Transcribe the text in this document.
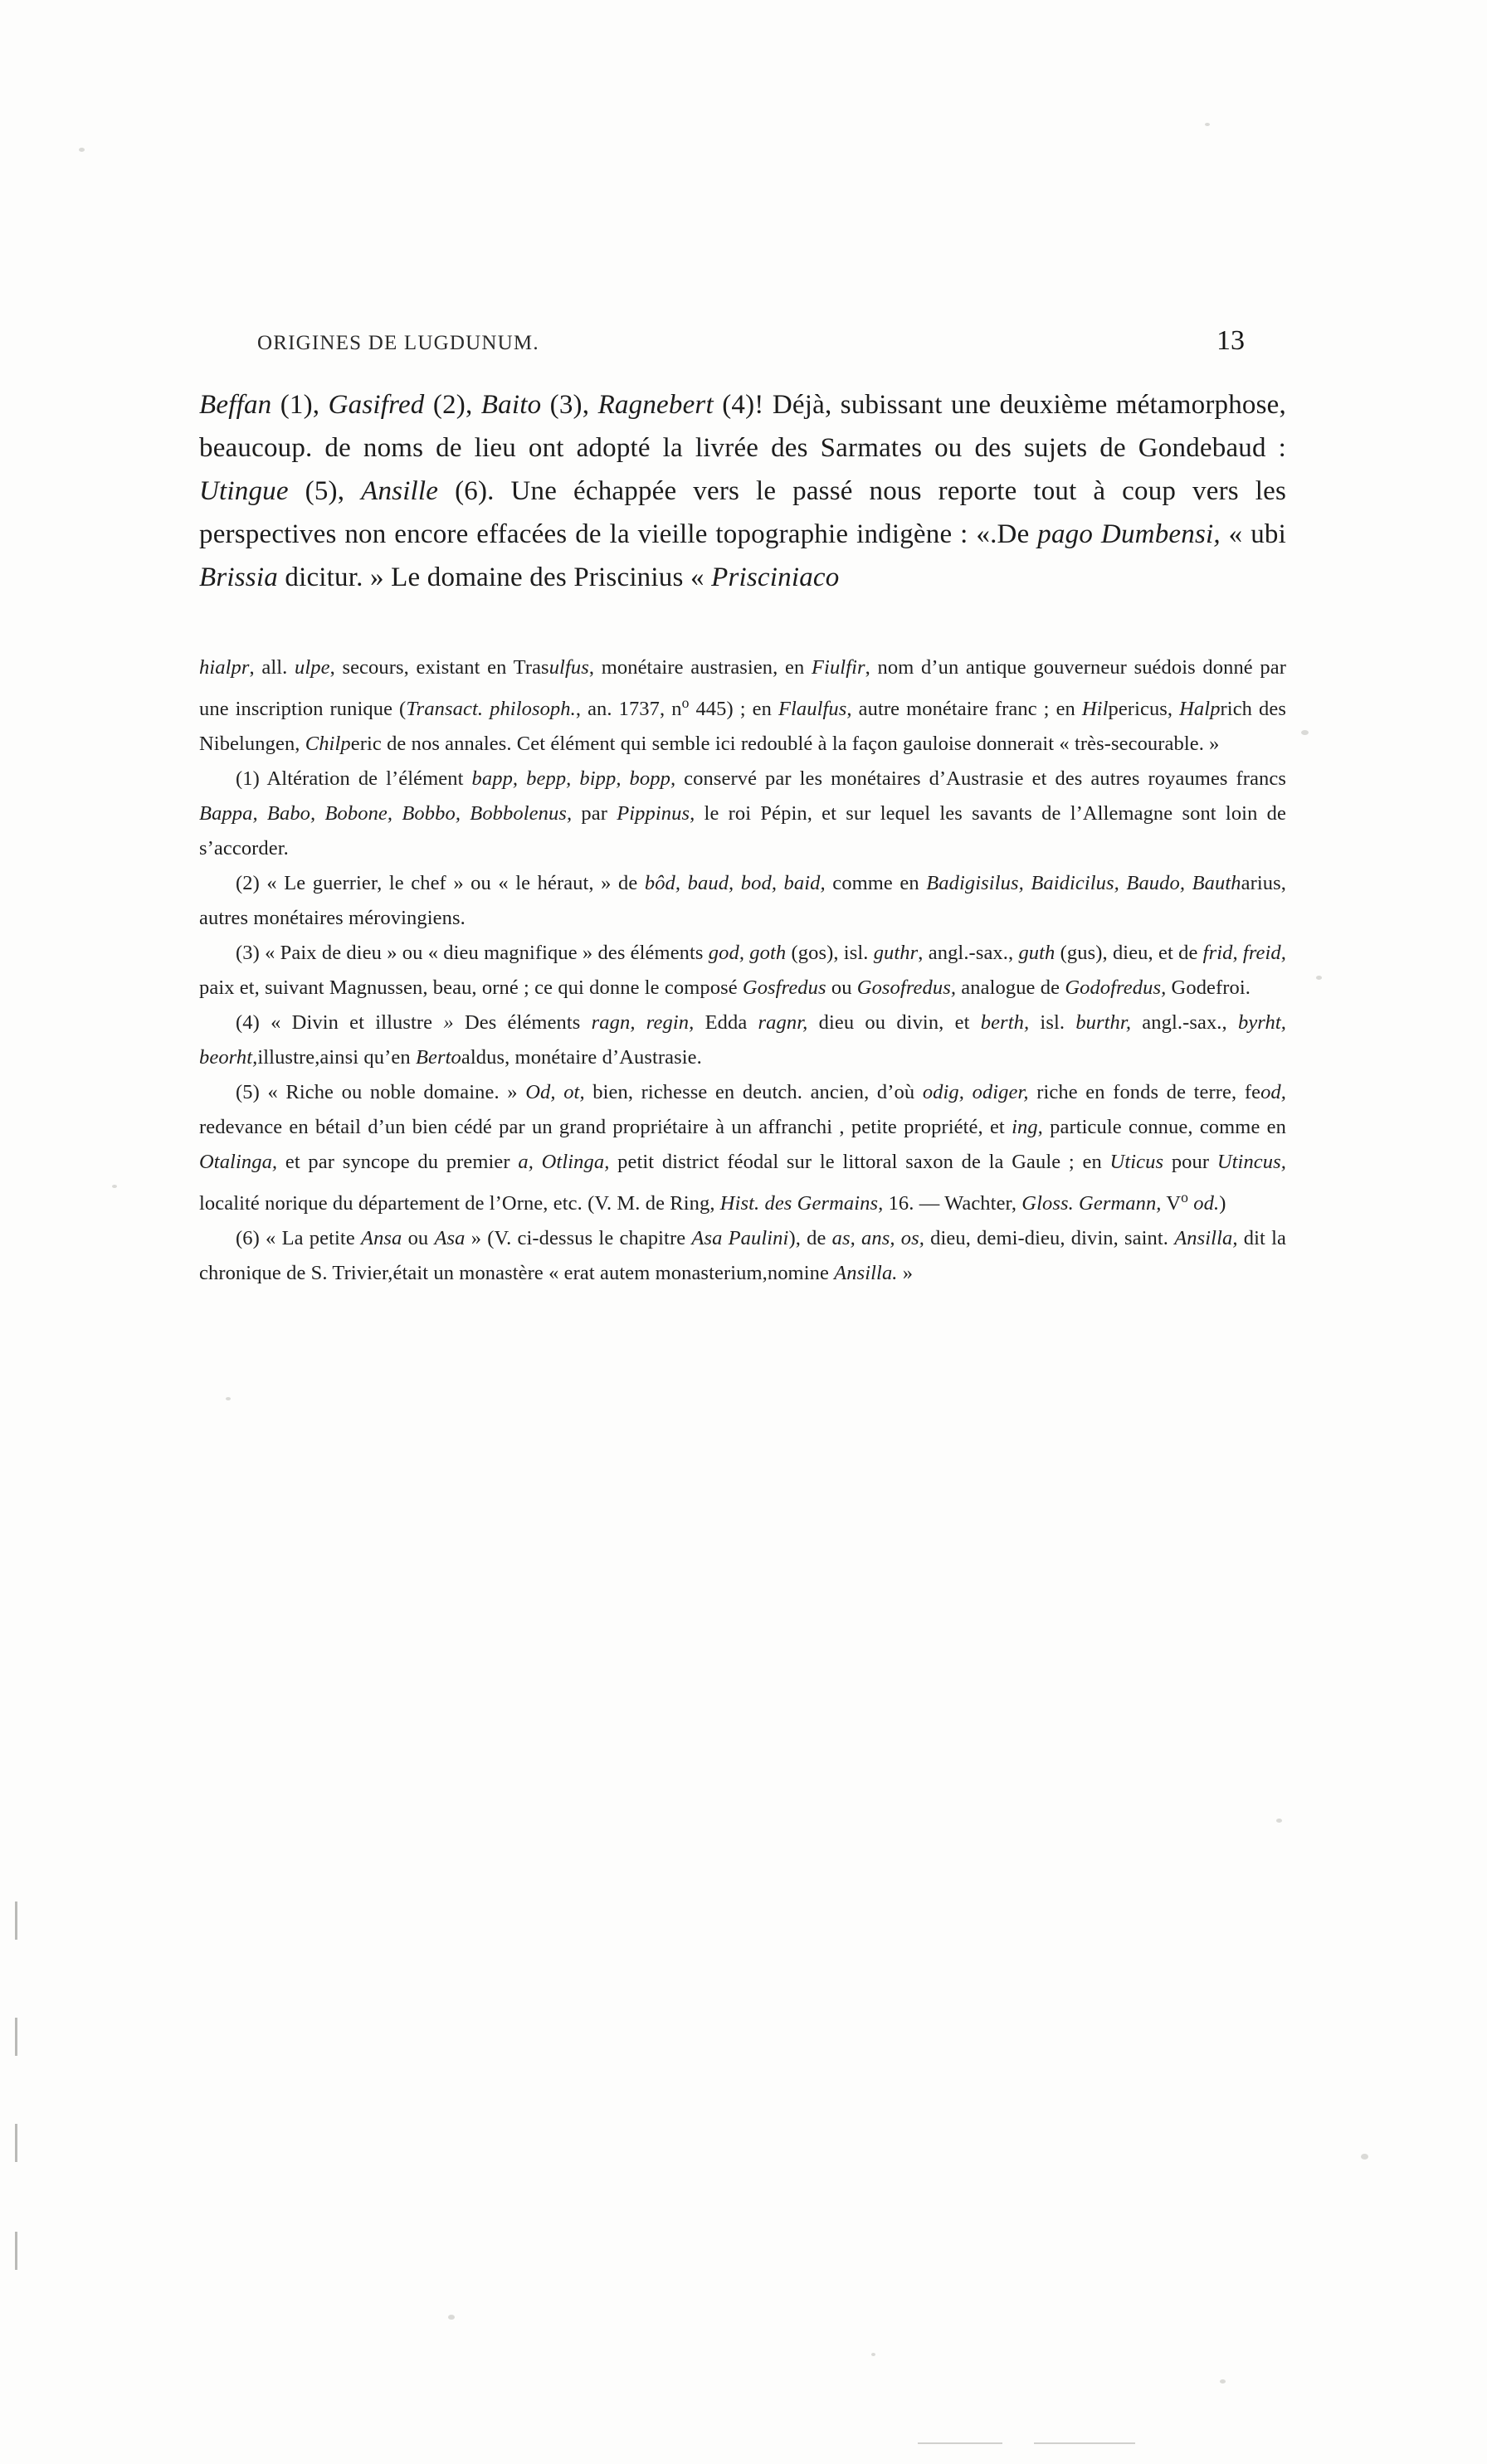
ORIGINES DE LUGDUNUM.	13
Beffan (1), Gasifred (2), Baito (3), Ragnebert (4)! Déjà, subissant une deuxième métamorphose, beaucoup. de noms de lieu ont adopté la livrée des Sarmates ou des sujets de Gondebaud : Utingue (5), Ansille (6). Une échappée vers le passé nous reporte tout à coup vers les perspectives non encore effacées de la vieille topographie indigène : «.De pago Dumbensi, « ubi Brissia dicitur. » Le domaine des Priscinius « Prisciniaco

hialpr, all. ulpe, secours, existant en Trasulfus, monétaire austrasien, en Fiulfir, nom d’un antique gouverneur suédois donné par une inscription runique (Transact. philosoph., an. 1737, $n^o$ 445) ; en Flaulfus, autre monétaire franc ; en Hilpericus, Halprich des Nibelungen, Chilperic de nos annales. Cet élément qui semble ici redoublé à la façon gauloise donnerait « très-secourable. »

(1) Altération de l’élément bapp, bepp, bipp, bopp, conservé par les monétaires d’Austrasie et des autres royaumes francs Bappa, Babo, Bobone, Bobbo, Bobbolenus, par Pippinus, le roi Pépin, et sur lequel les savants de l’Allemagne sont loin de s’accorder.

(2) « Le guerrier, le chef » ou « le héraut, » de bôd, baud, bod, baid, comme en Badigisilus, Baidicilus, Baudo, Bautharius, autres monétaires mérovingiens.

(3) « Paix de dieu » ou « dieu magnifique » des éléments god, goth (gos), isl. guthr, angl.-sax., guth (gus), dieu, et de frid, freid, paix et, suivant Magnussen, beau, orné ; ce qui donne le composé Gosfredus ou Gosofredus, analogue de Godofredus, Godefroi.

(4) « Divin et illustre » Des éléments ragn, regin, Edda ragnr, dieu ou divin, et berth, isl. burthr, angl.-sax., byrht, beorht,illustre,ainsi qu’en Bertoaldus, monétaire d’Austrasie.

(5) « Riche ou noble domaine. » Od, ot, bien, richesse en deutch. ancien, d’où odig, odiger, riche en fonds de terre, feod, redevance en bétail d’un bien cédé par un grand propriétaire à un affranchi , petite propriété, et ing, particule connue, comme en Otalinga, et par syncope du premier a, Otlinga, petit district féodal sur le littoral saxon de la Gaule ; en Uticus pour Utincus, localité norique du département de l’Orne, etc. (V. M. de Ring, Hist. des Germains, 16. — Wachter, Gloss. Germann, $V^o$ od.)

(6) « La petite Ansa ou Asa » (V. ci-dessus le chapitre Asa Paulini), de as, ans, os, dieu, demi-dieu, divin, saint. Ansilla, dit la chronique de S. Trivier,était un monastère « erat autem monasterium,nomine Ansilla. »
